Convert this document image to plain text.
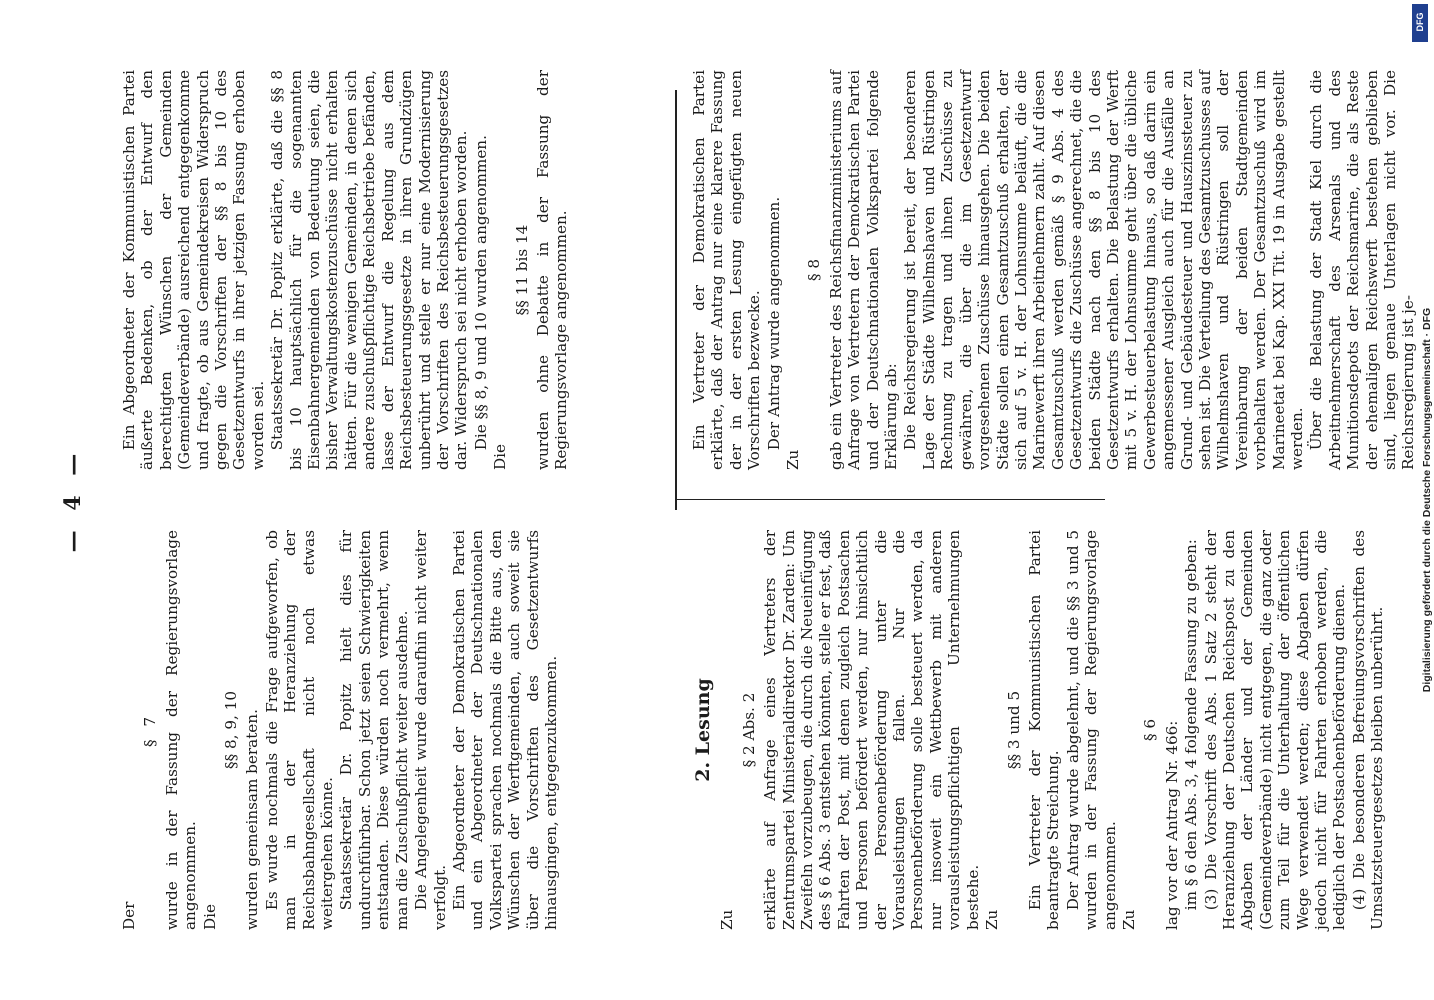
— 4 —

Der

§ 7 wurde in der Fassung der Regierungsvorlage angenommen. Die

§§ 8, 9, 10 wurden gemeinsam beraten. Es wurde nochmals die Frage aufgeworfen, ob man in der Heranziehung der Reichsbahngesellschaft nicht noch etwas weitergehen könne. Staatssekretär Dr. Popitz hielt dies für undurchführbar. Schon jetzt seien Schwierigkeiten entstanden. Diese würden noch vermehrt, wenn man die Zuschußpflicht weiter ausdehne. Die Angelegenheit wurde daraufhin nicht weiter verfolgt. Ein Abgeordneter der Demokratischen Partei und ein Abgeordneter der Deutschnationalen Volkspartei sprachen nochmals die Bitte aus, den Wünschen der Werftgemeinden, auch soweit sie über die Vorschriften des Gesetzentwurfs hinausgingen, entgegenzukommen.

Ein Abgeordneter der Kommunistischen Partei äußerte Bedenken, ob der Entwurf den berechtigten Wünschen der Gemeinden (Gemeindeverbände) ausreichend entgegenkomme und fragte, ob aus Gemeindekreisen Widerspruch gegen die Vorschriften der §§ 8 bis 10 des Gesetzentwurfs in ihrer jetzigen Fassung erhoben worden sei. Staatssekretär Dr. Popitz erklärte, daß die §§ 8 bis 10 hauptsächlich für die sogenannten Eisenbahnergemeinden von Bedeutung seien, die bisher Verwaltungskostenzuschüsse nicht erhalten hätten. Für die wenigen Gemeinden, in denen sich andere zuschußpflichtige Reichsbetriebe befänden, lasse der Entwurf die Regelung aus dem Reichsbesteuerungsgesetze in ihren Grundzügen unberührt und stelle er nur eine Modernisierung der Vorschriften des Reichsbesteuerungsgesetzes dar. Widerspruch sei nicht erhoben worden. Die §§ 8, 9 und 10 wurden angenommen.

Die

§§ 11 bis 14 wurden ohne Debatte in der Fassung der Regierungsvorlage angenommen.

2. Lesung

Zu

§ 2 Abs. 2 erklärte auf Anfrage eines Vertreters der Zentrumspartei Ministerialdirektor Dr. Zarden: Um Zweifeln vorzubeugen, die durch die Neueinfügung des § 6 Abs. 3 entstehen könnten, stelle er fest, daß Fahrten der Post, mit denen zugleich Postsachen und Personen befördert werden, nur hinsichtlich der Personenbeförderung unter die Vorausleistungen fallen. Nur die Personenbeförderung solle besteuert werden, da nur insoweit ein Wettbewerb mit anderen vorausleistungspflichtigen Unternehmungen bestehe. Zu

§§ 3 und 5 Ein Vertreter der Kommunistischen Partei beantragte Streichung. Der Antrag wurde abgelehnt, und die §§ 3 und 5 wurden in der Fassung der Regierungsvorlage angenommen. Zu

§ 6 lag vor der Antrag Nr. 466: im § 6 den Abs. 3, 4 folgende Fassung zu geben: (3) Die Vorschrift des Abs. 1 Satz 2 steht der Heranziehung der Deutschen Reichspost zu den Abgaben der Länder und der Gemeinden (Gemeindeverbände) nicht entgegen, die ganz oder zum Teil für die Unterhaltung der öffentlichen Wege verwendet werden; diese Abgaben dürfen jedoch nicht für Fahrten erhoben werden, die lediglich der Postsachenbeförderung dienen. (4) Die besonderen Befreiungsvorschriften des Umsatzsteuergesetzes bleiben unberührt.

Ein Vertreter der Demokratischen Partei erklärte, daß der Antrag nur eine klarere Fassung der in der ersten Lesung eingefügten neuen Vorschriften bezwecke. Der Antrag wurde angenommen.

Zu

§ 8 gab ein Vertreter des Reichsfinanzministeriums auf Anfrage von Vertretern der Demokratischen Partei und der Deutschnationalen Volkspartei folgende Erklärung ab: Die Reichsregierung ist bereit, der besonderen Lage der Städte Wilhelmshaven und Rüstringen Rechnung zu tragen und ihnen Zuschüsse zu gewähren, die über die im Gesetzentwurf vorgesehenen Zuschüsse hinausgehen. Die beiden Städte sollen einen Gesamtzuschuß erhalten, der sich auf 5 v. H. der Lohnsumme beläuft, die die Marinewerft ihren Arbeitnehmern zahlt. Auf diesen Gesamtzuschuß werden gemäß § 9 Abs. 4 des Gesetzentwurfs die Zuschüsse angerechnet, die die beiden Städte nach den §§ 8 bis 10 des Gesetzentwurfs erhalten. Die Belastung der Werft mit 5 v. H. der Lohnsumme geht über die übliche Gewerbesteuerbelastung hinaus, so daß darin ein angemessener Ausgleich auch für die Ausfälle an Grund- und Gebäudesteuer und Hauszinssteuer zu sehen ist. Die Verteilung des Gesamtzuschusses auf Wilhelmshaven und Rüstringen soll der Vereinbarung der beiden Stadtgemeinden vorbehalten werden. Der Gesamtzuschuß wird im Marineetat bei Kap. XXI Tit. 19 in Ausgabe gestellt werden. Über die Belastung der Stadt Kiel durch die Arbeitnehmerschaft des Arsenals und des Munitionsdepots der Reichsmarine, die als Reste der ehemaligen Reichswerft bestehen geblieben sind, liegen genaue Unterlagen nicht vor. Die Reichsregierung ist je- Digitalisierung gefördert durch die Deutsche Forschungsgemeinschaft · DFG
DFG
